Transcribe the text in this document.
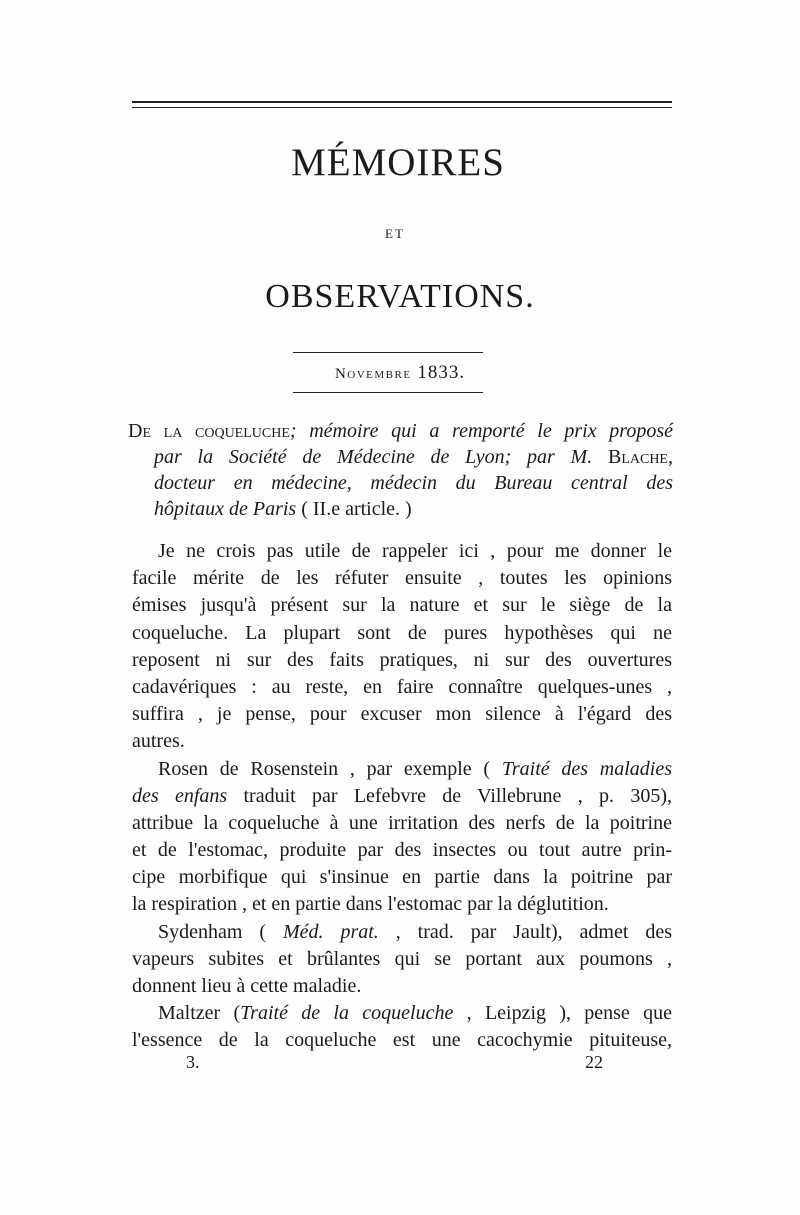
MÉMOIRES
ET
OBSERVATIONS.
Novembre 1833.

De la coqueluche; mémoire qui a remporté le prix proposé

par la Société de Médecine de Lyon; par M. Blache,

docteur en médecine, médecin du Bureau central des

hôpitaux de Paris ( II.e article. )

Je ne crois pas utile de rappeler ici , pour me donner le
facile mérite de les réfuter ensuite , toutes les opinions
émises jusqu'à présent sur la nature et sur le siège de la
coqueluche. La plupart sont de pures hypothèses qui ne
reposent ni sur des faits pratiques, ni sur des ouvertures
cadavériques : au reste, en faire connaître quelques-unes ,
suffira , je pense, pour excuser mon silence à l'égard des
autres.
Rosen de Rosenstein , par exemple ( Traité des maladies
des enfans traduit par Lefebvre de Villebrune , p. 305),
attribue la coqueluche à une irritation des nerfs de la poitrine
et de l'estomac, produite par des insectes ou tout autre prin-
cipe morbifique qui s'insinue en partie dans la poitrine par
la respiration , et en partie dans l'estomac par la déglutition.
Sydenham ( Méd. prat. , trad. par Jault), admet des
vapeurs subites et brûlantes qui se portant aux poumons ,
donnent lieu à cette maladie.
Maltzer (Traité de la coqueluche , Leipzig ), pense que
l'essence de la coqueluche est une cacochymie pituiteuse,
3.	22
